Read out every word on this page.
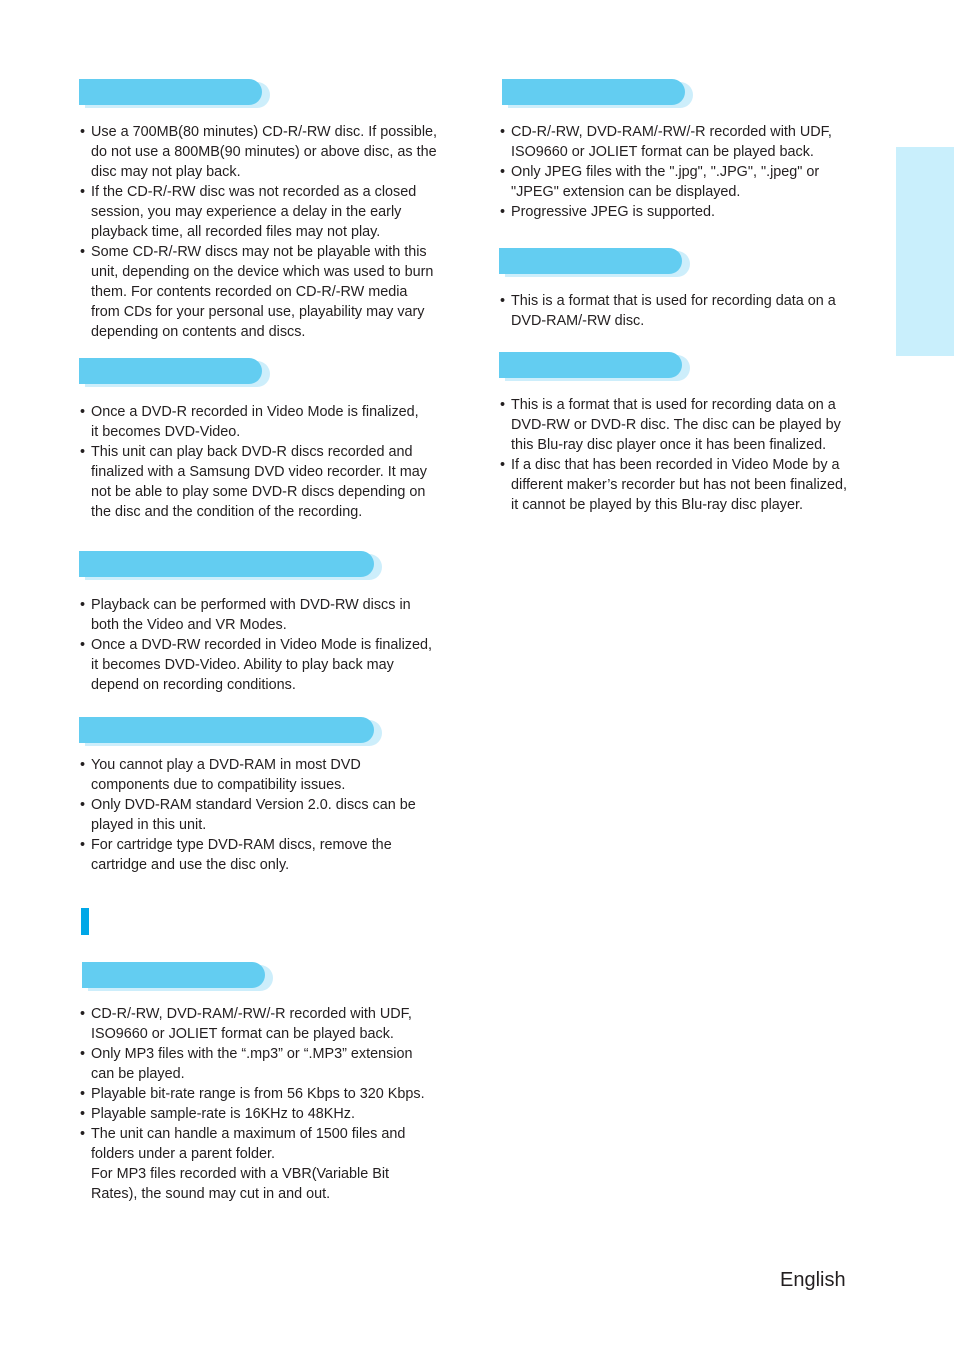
• Use a 700MB(80 minutes) CD-R/-RW disc. If possible,
do not use a 800MB(90 minutes) or above disc, as the
disc may not play back.
• If the CD-R/-RW disc was not recorded as a closed
session, you may experience a delay in the early
playback time, all recorded files may not play.
• Some CD-R/-RW discs may not be playable with this
unit, depending on the device which was used to burn
them. For contents recorded on CD-R/-RW media
from CDs for your personal use, playability may vary
depending on contents and discs.
• Once a DVD-R recorded in Video Mode is finalized,
it becomes DVD-Video.
• This unit can play back DVD-R discs recorded and
finalized with a Samsung DVD video recorder. It may
not be able to play some DVD-R discs depending on
the disc and the condition of the recording.
• Playback can be performed with DVD-RW discs in
both the Video and VR Modes.
• Once a DVD-RW recorded in Video Mode is finalized,
it becomes DVD-Video. Ability to play back may
depend on recording conditions.
• You cannot play a DVD-RAM in most DVD
components due to compatibility issues.
• Only DVD-RAM standard Version 2.0. discs can be
played in this unit.
• For cartridge type DVD-RAM discs, remove the
cartridge and use the disc only.
• CD-R/-RW, DVD-RAM/-RW/-R recorded with UDF,
ISO9660 or JOLIET format can be played back.
• Only MP3 files with the “.mp3” or “.MP3” extension
can be played.
• Playable bit-rate range is from 56 Kbps to 320 Kbps.
• Playable sample-rate is 16KHz to 48KHz.
• The unit can handle a maximum of 1500 files and
folders under a parent folder.
For MP3 files recorded with a VBR(Variable Bit
Rates), the sound may cut in and out.
• CD-R/-RW, DVD-RAM/-RW/-R recorded with UDF,
ISO9660 or JOLIET format can be played back.
• Only JPEG files with the ".jpg", ".JPG", ".jpeg" or
"JPEG" extension can be displayed.
• Progressive JPEG is supported.
• This is a format that is used for recording data on a
DVD-RAM/-RW disc.
• This is a format that is used for recording data on a
DVD-RW or DVD-R disc. The disc can be played by
this Blu-ray disc player once it has been finalized.
• If a disc that has been recorded in Video Mode by a
different maker’s recorder but has not been finalized,
it cannot be played by this Blu-ray disc player.
English
